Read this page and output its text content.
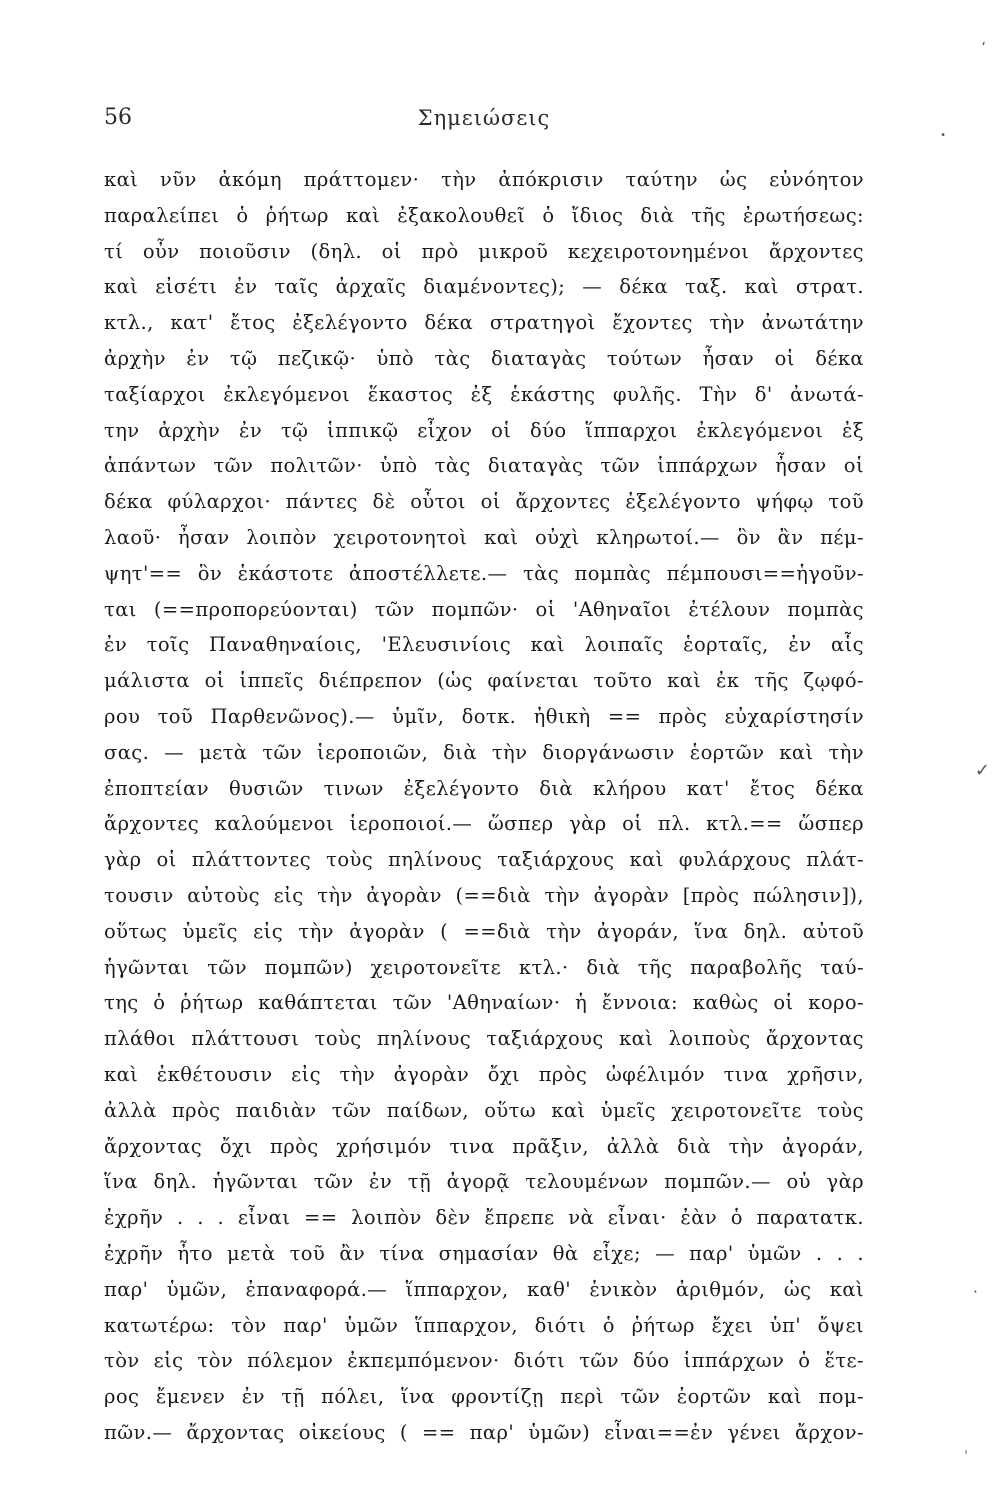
56	Σημειώσεις
καὶ νῦν ἀκόμη πράττομεν· τὴν ἀπόκρισιν ταύτην ὡς εὐνόητον
παραλείπει ὁ ῥήτωρ καὶ ἐξακολουθεῖ ὁ ἴδιος διὰ τῆς ἐρωτήσεως:
τί οὖν ποιοῦσιν (δηλ. οἱ πρὸ μικροῦ κεχειροτονημένοι ἄρχοντες
καὶ εἰσέτι ἐν ταῖς ἀρχαῖς διαμένοντες); — δέκα ταξ. καὶ στρατ.
κτλ., κατ' ἔτος ἐξελέγοντο δέκα στρατηγοὶ ἔχοντες τὴν ἀνωτάτην
ἀρχὴν ἐν τῷ πεζικῷ· ὑπὸ τὰς διαταγὰς τούτων ἦσαν οἱ δέκα
ταξίαρχοι ἐκλεγόμενοι ἕκαστος ἐξ ἑκάστης φυλῆς. Τὴν δ' ἀνωτά-
την ἀρχὴν ἐν τῷ ἱππικῷ εἶχον οἱ δύο ἵππαρχοι ἐκλεγόμενοι ἐξ
ἁπάντων τῶν πολιτῶν· ὑπὸ τὰς διαταγὰς τῶν ἱππάρχων ἦσαν οἱ
δέκα φύλαρχοι· πάντες δὲ οὗτοι οἱ ἄρχοντες ἐξελέγοντο ψήφῳ τοῦ
λαοῦ· ἦσαν λοιπὸν χειροτονητοὶ καὶ οὐχὶ κληρωτοί.— ὃν ἂν πέμ-
ψητ'== ὃν ἑκάστοτε ἀποστέλλετε.— τὰς πομπὰς πέμπουσι==ἡγοῦν-
ται (==προπορεύονται) τῶν πομπῶν· οἱ 'Αθηναῖοι ἐτέλουν πομπὰς
ἐν τοῖς Παναθηναίοις, 'Ελευσινίοις καὶ λοιπαῖς ἑορταῖς, ἐν αἷς
μάλιστα οἱ ἱππεῖς διέπρεπον (ὡς φαίνεται τοῦτο καὶ ἐκ τῆς ζῳφό-
ρου τοῦ Παρθενῶνος).— ὑμῖν, δοτκ. ἠθικὴ == πρὸς εὐχαρίστησίν
σας. — μετὰ τῶν ἱεροποιῶν, διὰ τὴν διοργάνωσιν ἑορτῶν καὶ τὴν
ἐποπτείαν θυσιῶν τινων ἐξελέγοντο διὰ κλήρου κατ' ἔτος δέκα
ἄρχοντες καλούμενοι ἱεροποιοί.— ὥσπερ γὰρ οἱ πλ. κτλ.== ὥσπερ
γὰρ οἱ πλάττοντες τοὺς πηλίνους ταξιάρχους καὶ φυλάρχους πλάτ-
τουσιν αὐτοὺς εἰς τὴν ἀγορὰν (==διὰ τὴν ἀγορὰν [πρὸς πώλησιν]),
οὕτως ὑμεῖς εἰς τὴν ἀγορὰν ( ==διὰ τὴν ἀγοράν, ἵνα δηλ. αὐτοῦ
ἡγῶνται τῶν πομπῶν) χειροτονεῖτε κτλ.· διὰ τῆς παραβολῆς ταύ-
της ὁ ῥήτωρ καθάπτεται τῶν 'Αθηναίων· ἡ ἔννοια: καθὼς οἱ κορο-
πλάθοι πλάττουσι τοὺς πηλίνους ταξιάρχους καὶ λοιποὺς ἄρχοντας
καὶ ἐκθέτουσιν εἰς τὴν ἀγορὰν ὄχι πρὸς ὠφέλιμόν τινα χρῆσιν,
ἀλλὰ πρὸς παιδιὰν τῶν παίδων, οὕτω καὶ ὑμεῖς χειροτονεῖτε τοὺς
ἄρχοντας ὄχι πρὸς χρήσιμόν τινα πρᾶξιν, ἀλλὰ διὰ τὴν ἀγοράν,
ἵνα δηλ. ἡγῶνται τῶν ἐν τῇ ἀγορᾷ τελουμένων πομπῶν.— οὐ γὰρ
ἐχρῆν . . . εἶναι == λοιπὸν δὲν ἔπρεπε νὰ εἶναι· ἐὰν ὁ παρατατκ.
ἐχρῆν ἦτο μετὰ τοῦ ἂν τίνα σημασίαν θὰ εἶχε; — παρ' ὑμῶν . . .
παρ' ὑμῶν, ἐπαναφορά.— ἵππαρχον, καθ' ἑνικὸν ἀριθμόν, ὡς καὶ
κατωτέρω: τὸν παρ' ὑμῶν ἵππαρχον, διότι ὁ ῥήτωρ ἔχει ὑπ' ὄψει
τὸν εἰς τὸν πόλεμον ἐκπεμπόμενον· διότι τῶν δύο ἱππάρχων ὁ ἕτε-
ρος ἔμενεν ἐν τῇ πόλει, ἵνα φροντίζῃ περὶ τῶν ἑορτῶν καὶ πομ-
πῶν.— ἄρχοντας οἰκείους ( == παρ' ὑμῶν) εἶναι==ἐν γένει ἄρχον-
ʻ
•
✓
·
ˌ
